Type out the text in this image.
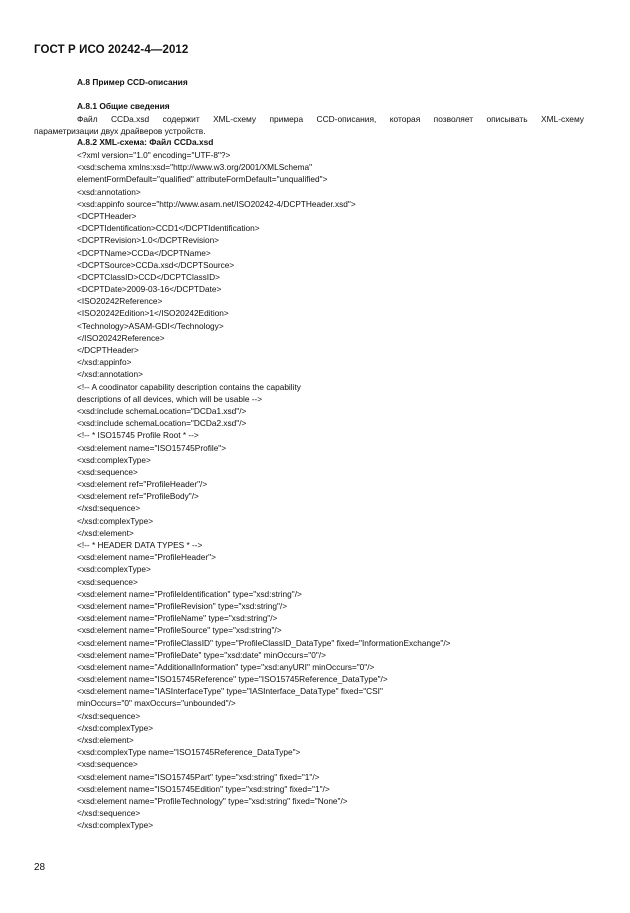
ГОСТ Р ИСО 20242-4—2012
А.8 Пример CCD-описания
А.8.1 Общие сведения
Файл CCDa.xsd содержит XML-схему примера CCD-описания, которая позволяет описывать XML-схему
параметризации двух драйверов устройств.
А.8.2 XML-схема: Файл CCDa.xsd
<?xml version="1.0" encoding="UTF-8"?>
<xsd:schema xmlns:xsd="http://www.w3.org/2001/XMLSchema"
elementFormDefault="qualified" attributeFormDefault="unqualified">
<xsd:annotation>
<xsd:appinfo source="http://www.asam.net/ISO20242-4/DCPTHeader.xsd">
<DCPTHeader>
<DCPTIdentification>CCD1</DCPTIdentification>
<DCPTRevision>1.0</DCPTRevision>
<DCPTName>CCDa</DCPTName>
<DCPTSource>CCDa.xsd</DCPTSource>
<DCPTClassID>CCD</DCPTClassID>
<DCPTDate>2009-03-16</DCPTDate>
<ISO20242Reference>
<ISO20242Edition>1</ISO20242Edition>
<Technology>ASAM-GDI</Technology>
</ISO20242Reference>
</DCPTHeader>
</xsd:appinfo>
</xsd:annotation>
<!-- A coodinator capability description contains the capability
descriptions of all devices, which will be usable -->
<xsd:include schemaLocation="DCDa1.xsd"/>
<xsd:include schemaLocation="DCDa2.xsd"/>
<!-- * ISO15745 Profile Root * -->
<xsd:element name="ISO15745Profile">
<xsd:complexType>
<xsd:sequence>
<xsd:element ref="ProfileHeader"/>
<xsd:element ref="ProfileBody"/>
</xsd:sequence>
</xsd:complexType>
</xsd:element>
<!-- * HEADER DATA TYPES * -->
<xsd:element name="ProfileHeader">
<xsd:complexType>
<xsd:sequence>
<xsd:element name="ProfileIdentification" type="xsd:string"/>
<xsd:element name="ProfileRevision" type="xsd:string"/>
<xsd:element name="ProfileName" type="xsd:string"/>
<xsd:element name="ProfileSource" type="xsd:string"/>
<xsd:element name="ProfileClassID" type="ProfileClassID_DataType" fixed="InformationExchange"/>
<xsd:element name="ProfileDate" type="xsd:date" minOccurs="0"/>
<xsd:element name="AdditionalInformation" type="xsd:anyURI" minOccurs="0"/>
<xsd:element name="ISO15745Reference" type="ISO15745Reference_DataType"/>
<xsd:element name="IASInterfaceType" type="IASInterface_DataType" fixed="CSI"
minOccurs="0" maxOccurs="unbounded"/>
</xsd:sequence>
</xsd:complexType>
</xsd:element>
<xsd:complexType name="ISO15745Reference_DataType">
<xsd:sequence>
<xsd:element name="ISO15745Part" type="xsd:string" fixed="1"/>
<xsd:element name="ISO15745Edition" type="xsd:string" fixed="1"/>
<xsd:element name="ProfileTechnology" type="xsd:string" fixed="None"/>
</xsd:sequence>
</xsd:complexType>
28
